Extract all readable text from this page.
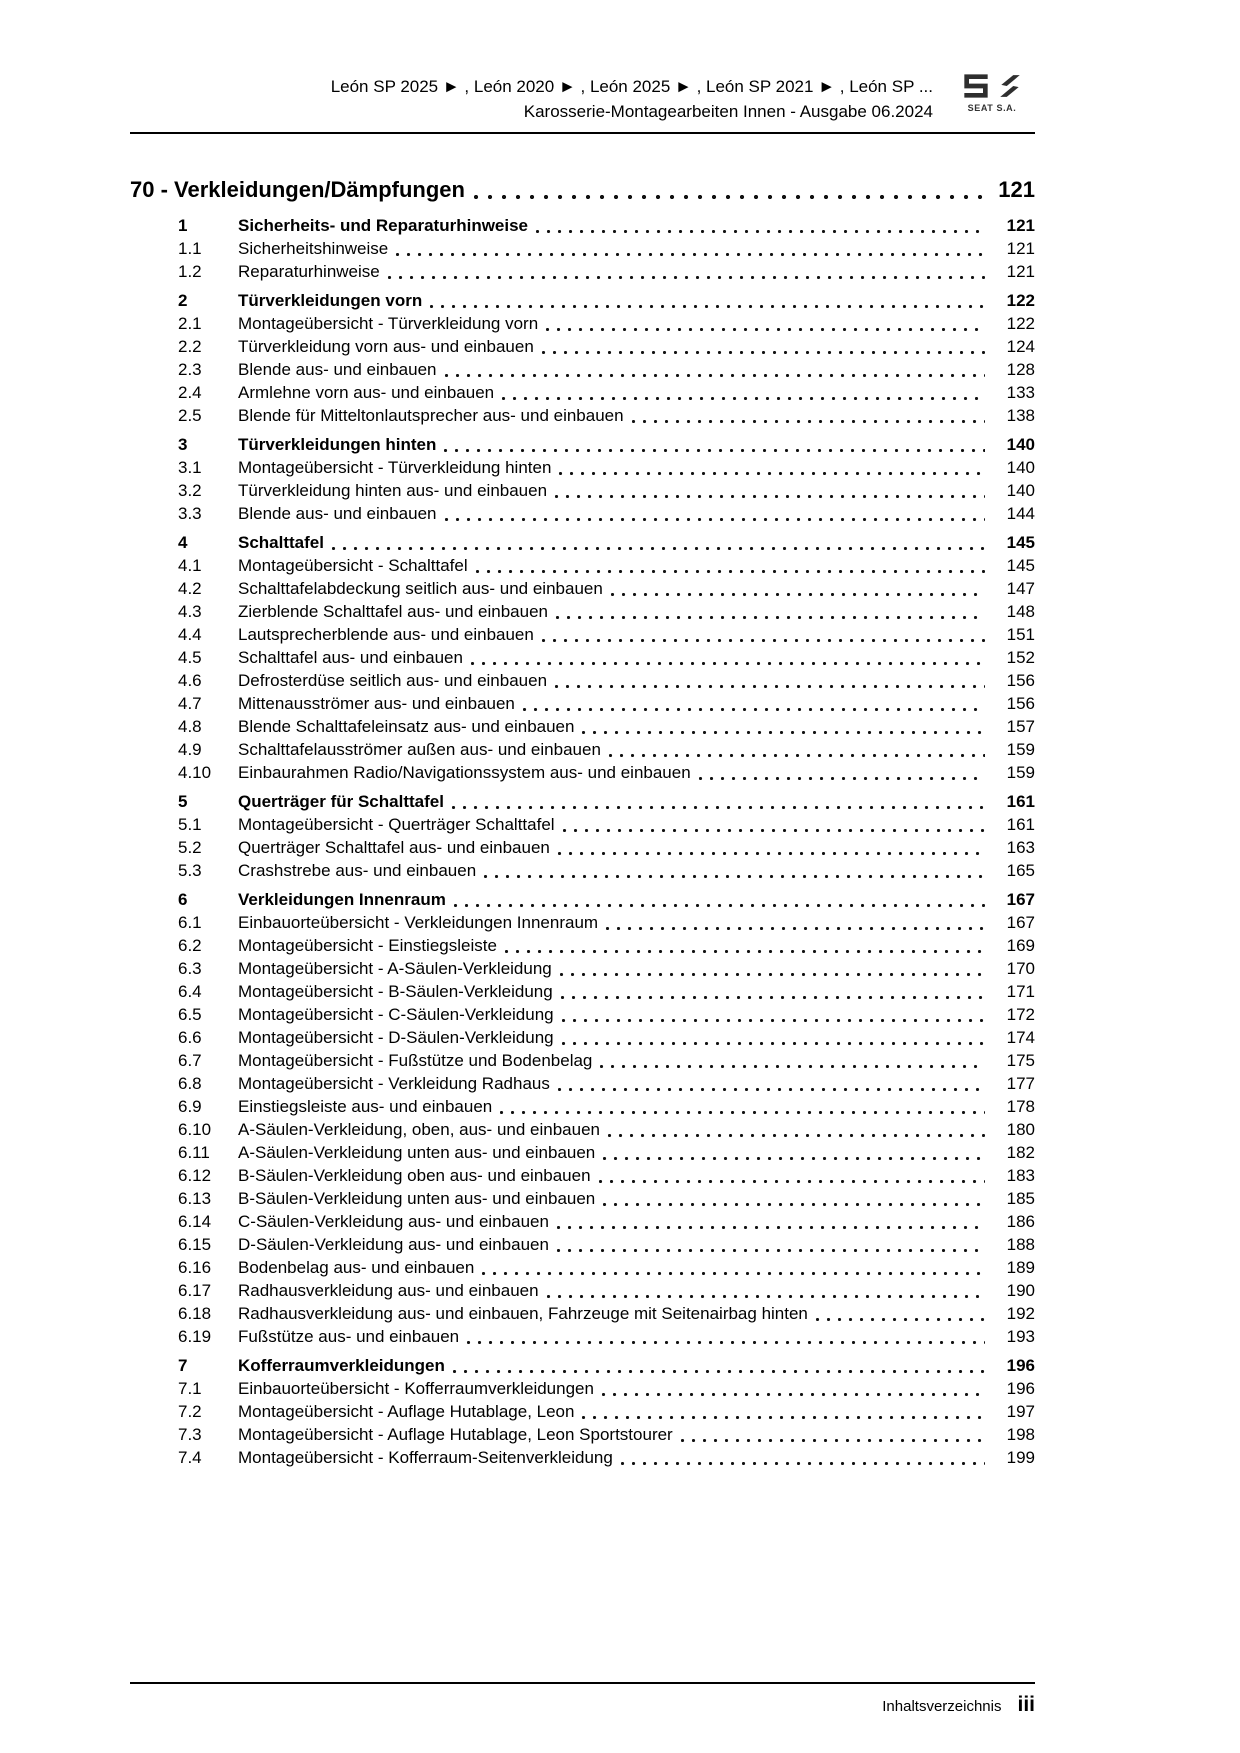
León SP 2025 ► , León 2020 ► , León 2025 ► , León SP 2021 ► , León SP ...
Karosserie-Montagearbeiten Innen - Ausgabe 06.2024	SEAT S.A.
70 - Verkleidungen/Dämpfungen	121
1	Sicherheits- und Reparaturhinweise	121
1.1	Sicherheitshinweise	121
1.2	Reparaturhinweise	121
2	Türverkleidungen vorn	122
2.1	Montageübersicht - Türverkleidung vorn	122
2.2	Türverkleidung vorn aus- und einbauen	124
2.3	Blende aus- und einbauen	128
2.4	Armlehne vorn aus- und einbauen	133
2.5	Blende für Mitteltonlautsprecher aus- und einbauen	138
3	Türverkleidungen hinten	140
3.1	Montageübersicht - Türverkleidung hinten	140
3.2	Türverkleidung hinten aus- und einbauen	140
3.3	Blende aus- und einbauen	144
4	Schalttafel	145
4.1	Montageübersicht - Schalttafel	145
4.2	Schalttafelabdeckung seitlich aus- und einbauen	147
4.3	Zierblende Schalttafel aus- und einbauen	148
4.4	Lautsprecherblende aus- und einbauen	151
4.5	Schalttafel aus- und einbauen	152
4.6	Defrosterdüse seitlich aus- und einbauen	156
4.7	Mittenausströmer aus- und einbauen	156
4.8	Blende Schalttafeleinsatz aus- und einbauen	157
4.9	Schalttafelausströmer außen aus- und einbauen	159
4.10	Einbaurahmen Radio/Navigationssystem aus- und einbauen	159
5	Querträger für Schalttafel	161
5.1	Montageübersicht - Querträger Schalttafel	161
5.2	Querträger Schalttafel aus- und einbauen	163
5.3	Crashstrebe aus- und einbauen	165
6	Verkleidungen Innenraum	167
6.1	Einbauorteübersicht - Verkleidungen Innenraum	167
6.2	Montageübersicht - Einstiegsleiste	169
6.3	Montageübersicht - A-Säulen-Verkleidung	170
6.4	Montageübersicht - B-Säulen-Verkleidung	171
6.5	Montageübersicht - C-Säulen-Verkleidung	172
6.6	Montageübersicht - D-Säulen-Verkleidung	174
6.7	Montageübersicht - Fußstütze und Bodenbelag	175
6.8	Montageübersicht - Verkleidung Radhaus	177
6.9	Einstiegsleiste aus- und einbauen	178
6.10	A-Säulen-Verkleidung, oben, aus- und einbauen	180
6.11	A-Säulen-Verkleidung unten aus- und einbauen	182
6.12	B-Säulen-Verkleidung oben aus- und einbauen	183
6.13	B-Säulen-Verkleidung unten aus- und einbauen	185
6.14	C-Säulen-Verkleidung aus- und einbauen	186
6.15	D-Säulen-Verkleidung aus- und einbauen	188
6.16	Bodenbelag aus- und einbauen	189
6.17	Radhausverkleidung aus- und einbauen	190
6.18	Radhausverkleidung aus- und einbauen, Fahrzeuge mit Seitenairbag hinten	192
6.19	Fußstütze aus- und einbauen	193
7	Kofferraumverkleidungen	196
7.1	Einbauorteübersicht - Kofferraumverkleidungen	196
7.2	Montageübersicht - Auflage Hutablage, Leon	197
7.3	Montageübersicht - Auflage Hutablage, Leon Sportstourer	198
7.4	Montageübersicht - Kofferraum-Seitenverkleidung	199
Inhaltsverzeichnis iii
